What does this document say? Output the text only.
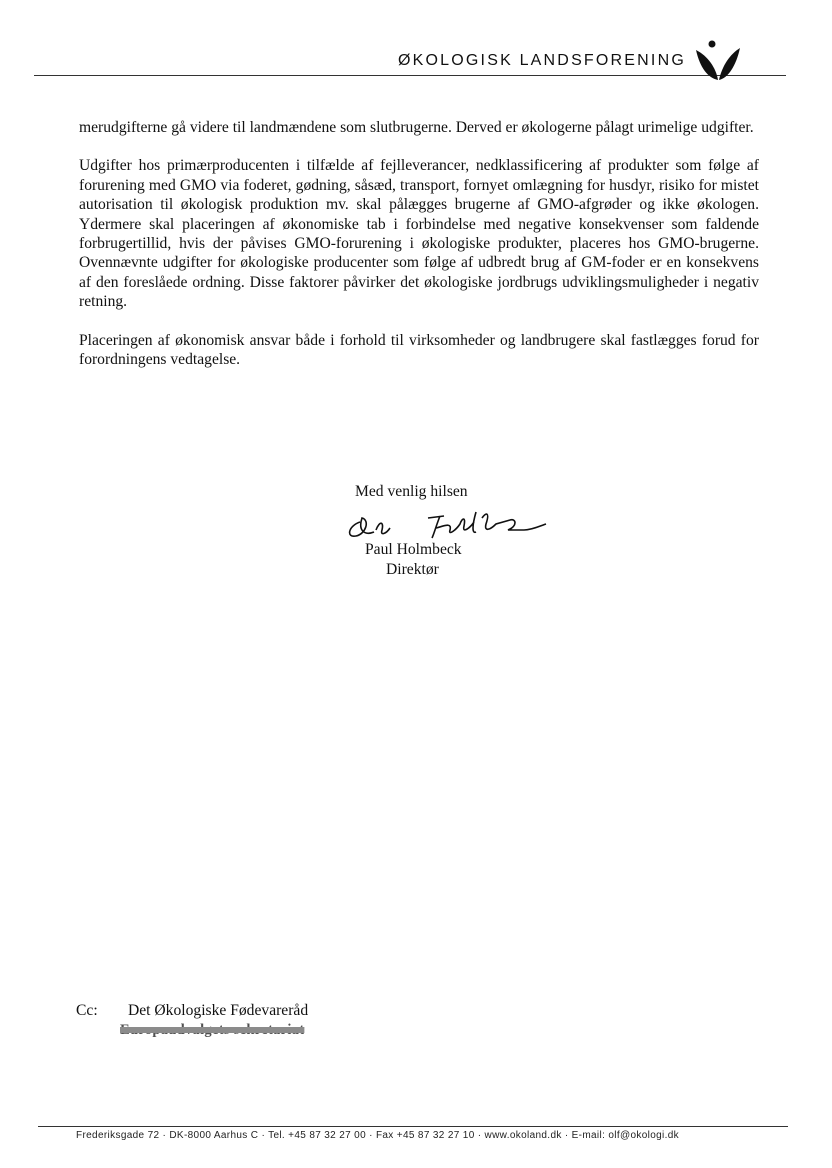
ØKOLOGISK LANDSFORENING

merudgifterne gå videre til landmændene som slutbrugerne. Derved er økologerne pålagt urimelige udgifter.

Udgifter hos primærproducenten i tilfælde af fejlleverancer, nedklassificering af produkter som følge af forurening med GMO via foderet, gødning, såsæd, transport, fornyet omlægning for husdyr, risiko for mistet autorisation til økologisk produktion mv. skal pålægges brugerne af GMO-afgrøder og ikke økologen. Ydermere skal placeringen af økonomiske tab i forbindelse med negative konsekvenser som faldende forbrugertillid, hvis der påvises GMO-forurening i økologiske produkter, placeres hos GMO-brugerne. Ovennævnte udgifter for økologiske producenter som følge af udbredt brug af GM-foder er en konsekvens af den foreslåede ordning. Disse faktorer påvirker det økologiske jordbrugs udviklingsmuligheder i negativ retning.

Placeringen af økonomisk ansvar både i forhold til virksomheder og landbrugere skal fastlægges forud for forordningens vedtagelse.

Med venlig hilsen
Paul Holmbeck
Direktør
Cc: Det Økologiske Fødevareråd
Europaudvalgets sekretariat
Frederiksgade 72 · DK-8000 Aarhus C · Tel. +45 87 32 27 00 · Fax +45 87 32 27 10 · www.okoland.dk · E-mail: olf@okologi.dk
